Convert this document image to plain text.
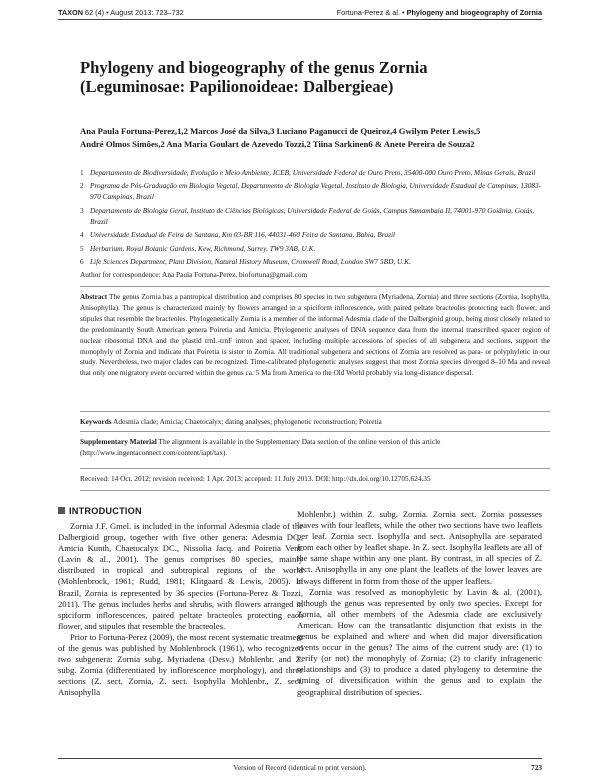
TAXON 62 (4) • August 2013: 723–732	Fortuna-Perez & al. • Phylogeny and biogeography of Zornia
Phylogeny and biogeography of the genus Zornia
(Leguminosae: Papilionoideae: Dalbergieae)
Ana Paula Fortuna-Perez,1,2 Marcos José da Silva,3 Luciano Paganucci de Queiroz,4 Gwilym Peter Lewis,5
André Olmos Simões,2 Ana Maria Goulart de Azevedo Tozzi,2 Tiina Sarkinen6 & Anete Pereira de Souza2
1 Departamento de Biodiversidade, Evolução e Meio Ambiente, ICEB, Universidade Federal de Ouro Preto, 35400-000 Ouro Preto, Minas Gerais, Brazil
2 Programa de Pós-Graduação em Biologia Vegetal, Departamento de Biologia Vegetal, Instituto de Biologia, Universidade Estadual de Campinas, 13083-970 Campinas, Brazil
3 Departamento de Biologia Geral, Instituto de Ciências Biológicas, Universidade Federal de Goiás, Campus Samambaia II, 74001-970 Goiânia, Goiás, Brazil
4 Universidade Estadual de Feira de Santana, Km 03-BR 116, 44031-460 Feira de Santana, Bahia, Brazil
5 Herbarium, Royal Botanic Gardens, Kew, Richmond, Surrey, TW9 3AB, U.K.
6 Life Sciences Department, Plant Division, Natural History Museum, Cromwell Road, London SW7 5BD, U.K.
Author for correspondence: Ana Paula Fortuna-Perez, biofortuna@gmail.com
Abstract The genus Zornia has a pantropical distribution and comprises 80 species in two subgenera (Myriadena, Zornia) and three sections (Zornia, Isophylla, Anisophylla). The genus is characterized mainly by flowers arranged in a spiciform inflorescence, with paired peltate bracteoles protecting each flower, and stipules that resemble the bracteoles. Phylogenetically Zornia is a member of the informal Adesmia clade of the Dalbergioid group, being most closely related to the predominantly South American genera Poiretia and Amicia. Phylogenetic analyses of DNA sequence data from the internal transcribed spacer region of nuclear ribosomal DNA and the plastid trnL-trnF intron and spacer, including multiple accessions of species of all subgenera and sections, support the monophyly of Zornia and indicate that Poiretia is sister to Zornia. All traditional subgenera and sections of Zornia are resolved as para- or polyphyletic in our study. Nevertheless, two major clades can be recognized. Time-calibrated phylogenetic analyses suggest that most Zornia species diverged 8–10 Ma and reveal that only one migratory event occurred within the genus ca. 5 Ma from America to the Old World probably via long-distance dispersal.
Keywords Adesmia clade; Amicia; Chaetocalyx; dating analyses; phylogenetic reconstruction; Poiretia
Supplementary Material The alignment is available in the Supplementary Data section of the online version of this article (http://www.ingentaconnect.com/content/iapt/tax).
Received: 14 Oct. 2012; revision received: 1 Apr. 2013; accepted: 11 July 2013. DOI: http://dx.doi.org/10.12705.624.35
INTRODUCTION

Zornia J.F. Gmel. is included in the informal Adesmia clade of the Dalbergioid group, together with five other genera: Adesmia DC., Amicia Kunth, Chaetocalyx DC., Nissolia Jacq. and Poiretia Vent. (Lavin & al., 2001). The genus comprises 80 species, mainly distributed in tropical and subtropical regions of the world (Mohlenbrock, 1961; Rudd, 1981; Klitgaard & Lewis, 2005). In Brazil, Zornia is represented by 36 species (Fortuna-Perez & Tozzi, 2011). The genus includes herbs and shrubs, with flowers arranged in spiciform inflorescences, paired peltate bracteoles protecting each flower, and stipules that resemble the bracteoles.

Prior to Fortuna-Perez (2009), the most recent systematic treatment of the genus was published by Mohlenbrock (1961), who recognized two subgenera: Zornia subg. Myriadena (Desv.) Mohlenbr. and Z. subg. Zornia (differentiated by inflorescence morphology), and three sections (Z. sect. Zornia, Z. sect. Isophylla Mohlenbr., Z. sect. Anisophylla

Mohlenbr.) within Z. subg. Zornia. Zornia sect. Zornia possesses leaves with four leaflets, while the other two sections have two leaflets per leaf. Zornia sect. Isophylla and sect. Anisophylla are separated from each other by leaflet shape. In Z. sect. Isophylla leaflets are all of the same shape within any one plant. By contrast, in all species of Z. sect. Anisophylla in any one plant the leaflets of the lower leaves are always different in form from those of the upper leaflets.

Zornia was resolved as monophyletic by Lavin & al. (2001), although the genus was represented by only two species. Except for Zornia, all other members of the Adesmia clade are exclusively American. How can the transatlantic disjunction that exists in the genus be explained and where and when did major diversification events occur in the genus? The aims of the current study are: (1) to verify (or not) the monophyly of Zornia; (2) to clarify infrageneric relationships and (3) to produce a dated phylogeny to determine the timing of diversification within the genus and to explain the geographical distribution of species.

Version of Record (identical to print version).	723
